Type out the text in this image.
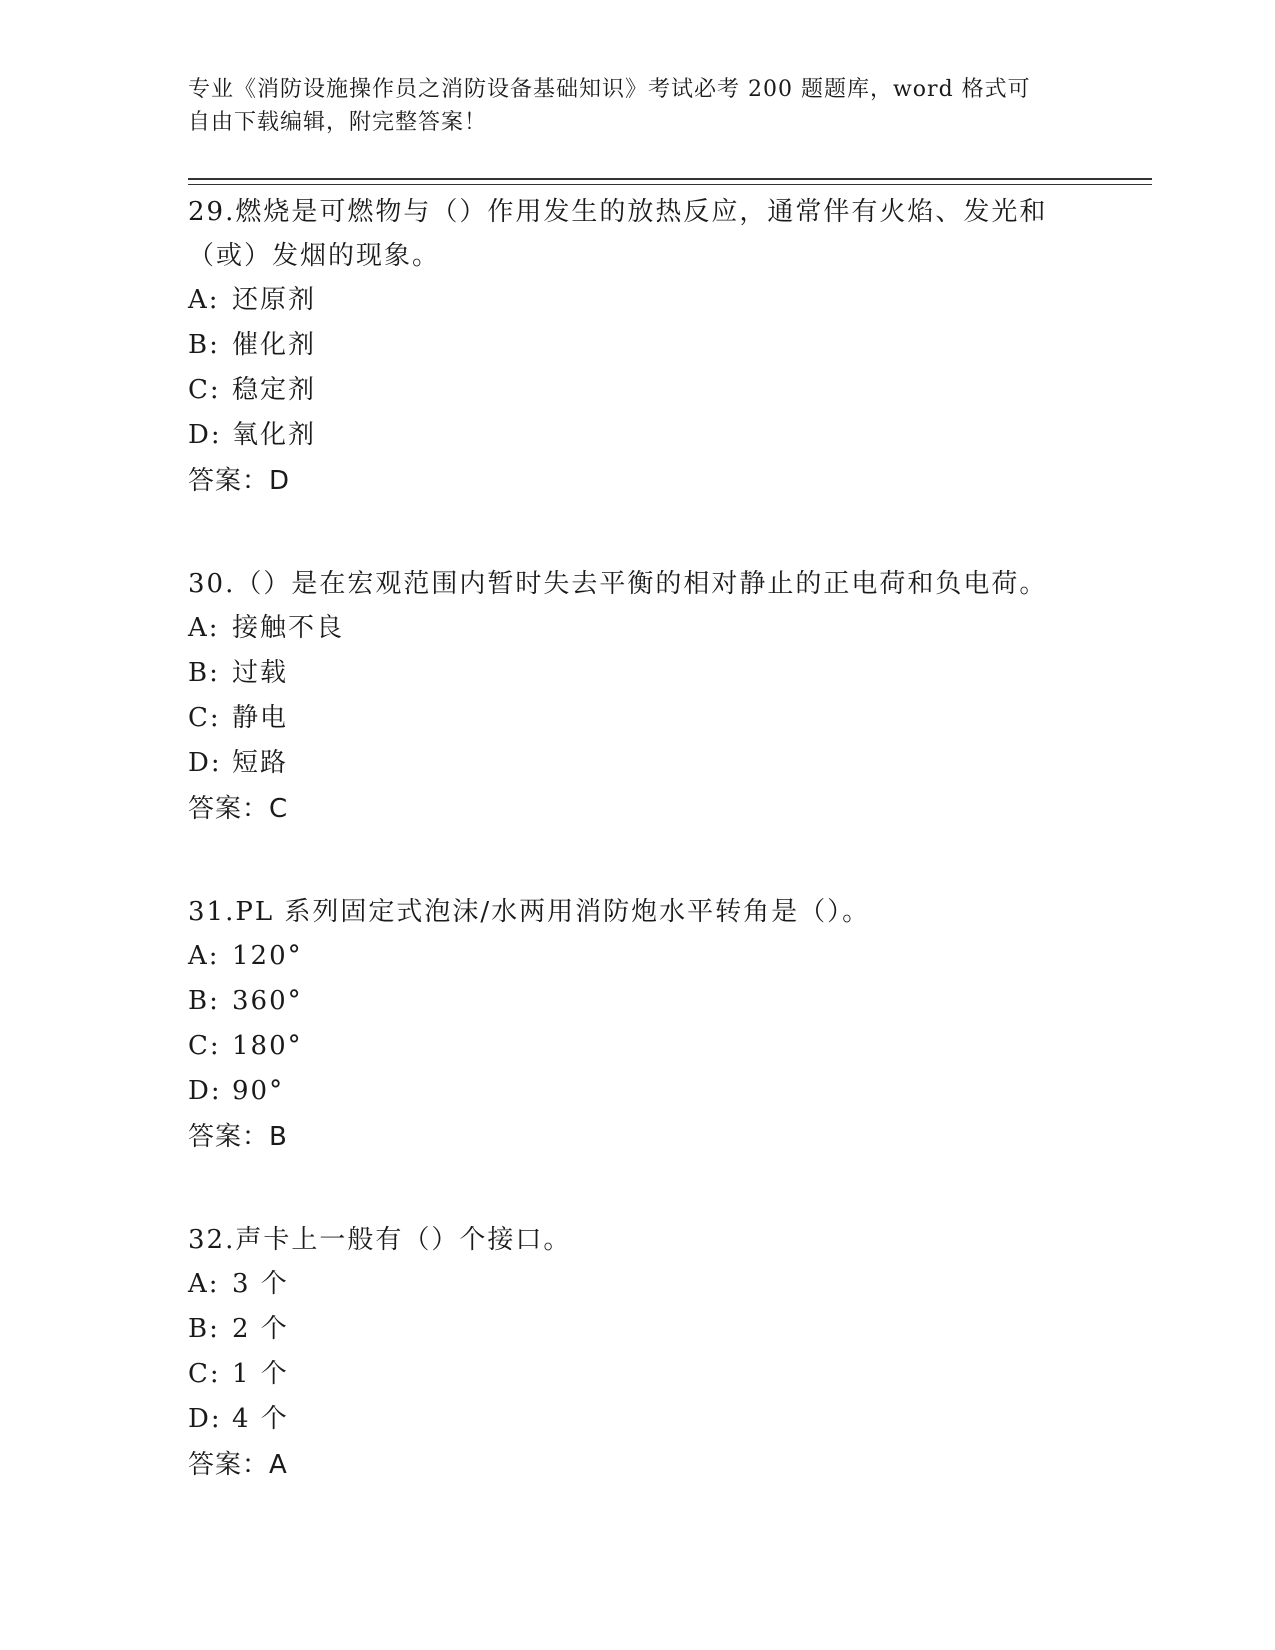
专业《消防设施操作员之消防设备基础知识》考试必考 200 题题库，word 格式可
自由下载编辑，附完整答案！
29.燃烧是可燃物与（）作用发生的放热反应，通常伴有火焰、发光和
（或）发烟的现象。
A: 还原剂
B: 催化剂
C: 稳定剂
D: 氧化剂
答案：D
30.（）是在宏观范围内暂时失去平衡的相对静止的正电荷和负电荷。
A: 接触不良
B: 过载
C: 静电
D: 短路
答案：C
31.PL 系列固定式泡沫/水两用消防炮水平转角是（）。
A: 120°
B: 360°
C: 180°
D: 90°
答案：B
32.声卡上一般有（）个接口。
A: 3 个
B: 2 个
C: 1 个
D: 4 个
答案：A
